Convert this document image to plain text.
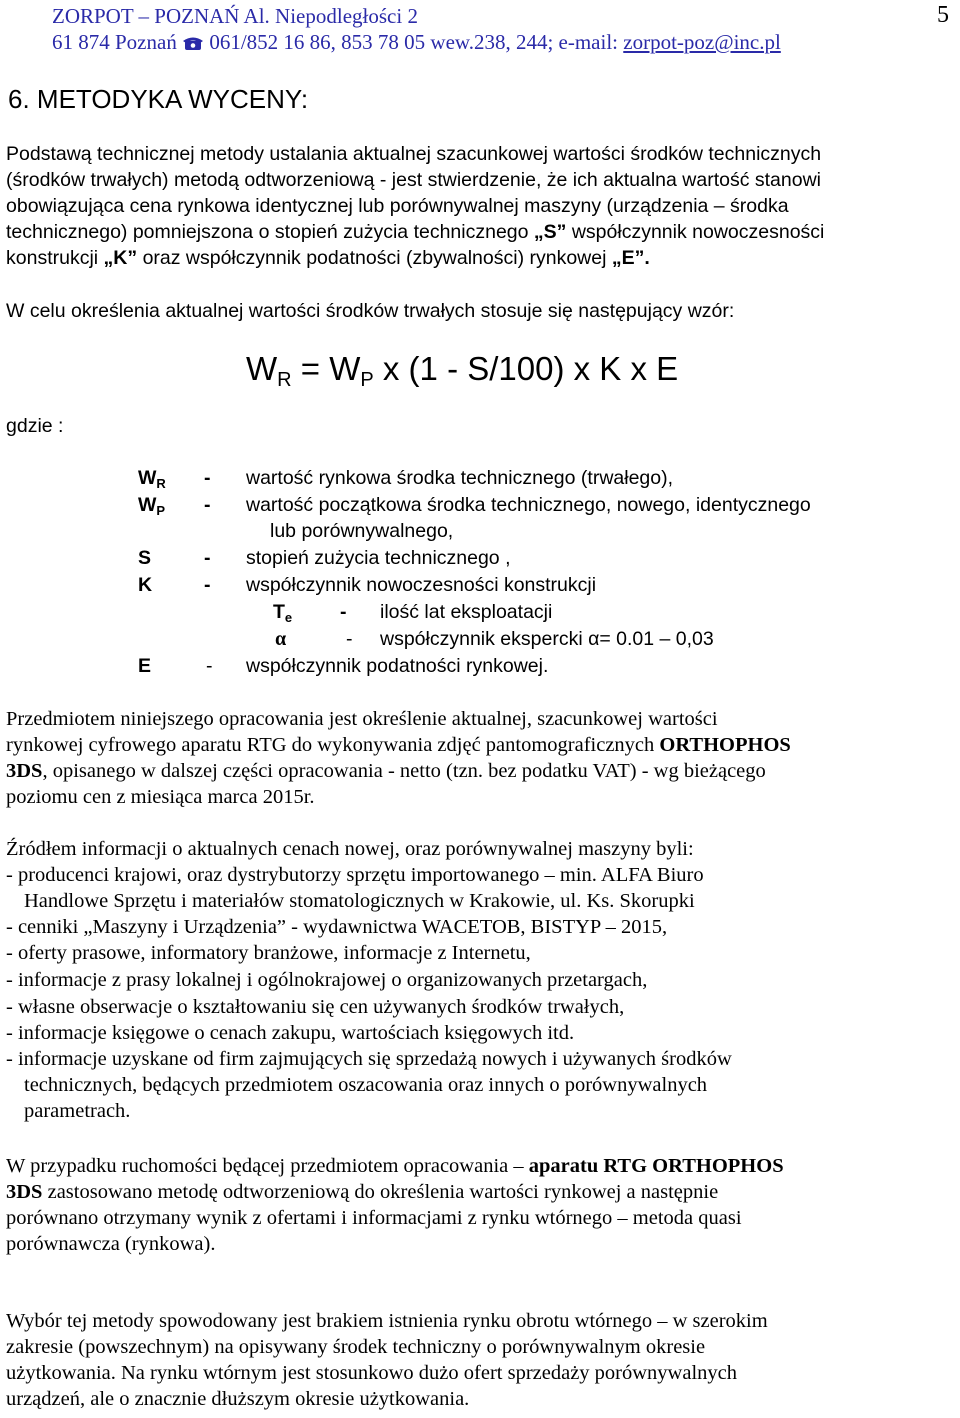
ZORPOT – POZNAŃ Al. Niepodległości 2	5
61 874 Poznań 061/852 16 86, 853 78 05 wew.238, 244; e-mail: zorpot-poz@inc.pl
6. METODYKA WYCENY:
Podstawą technicznej metody ustalania aktualnej szacunkowej wartości środków technicznych
(środków trwałych) metodą odtworzeniową - jest stwierdzenie, że ich aktualna wartość stanowi
obowiązująca cena rynkowa identycznej lub porównywalnej maszyny (urządzenia – środka
technicznego) pomniejszona o stopień zużycia technicznego „S” współczynnik nowoczesności
konstrukcji „K” oraz współczynnik podatności (zbywalności) rynkowej „E”.
W celu określenia aktualnej wartości środków trwałych stosuje się następujący wzór:
$W_R = W_P$ x (1 - S/100) x K x E
gdzie :
$W_R$ - wartość rynkowa środka technicznego (trwałego),
$W_P$ - wartość początkowa środka technicznego, nowego, identycznego
lub porównywalnego,
S	- stopień zużycia technicznego ,
K	- współczynnik nowoczesności konstrukcji
$T_e$ - ilość lat eksploatacji
α	- współczynnik ekspercki α= 0.01 – 0,03
E	- współczynnik podatności rynkowej.
Przedmiotem niniejszego opracowania jest określenie aktualnej, szacunkowej wartości
rynkowej cyfrowego aparatu RTG do wykonywania zdjęć pantomograficznych ORTHOPHOS
3DS, opisanego w dalszej części opracowania - netto (tzn. bez podatku VAT) - wg bieżącego
poziomu cen z miesiąca marca 2015r.
Źródłem informacji o aktualnych cenach nowej, oraz porównywalnej maszyny byli:
- producenci krajowi, oraz dystrybutorzy sprzętu importowanego – min. ALFA Biuro
Handlowe Sprzętu i materiałów stomatologicznych w Krakowie, ul. Ks. Skorupki
- cenniki „Maszyny i Urządzenia” - wydawnictwa WACETOB, BISTYP – 2015,
- oferty prasowe, informatory branżowe, informacje z Internetu,
- informacje z prasy lokalnej i ogólnokrajowej o organizowanych przetargach,
- własne obserwacje o kształtowaniu się cen używanych środków trwałych,
- informacje księgowe o cenach zakupu, wartościach księgowych itd.
- informacje uzyskane od firm zajmujących się sprzedażą nowych i używanych środków
technicznych, będących przedmiotem oszacowania oraz innych o porównywalnych
parametrach.
W przypadku ruchomości będącej przedmiotem opracowania – aparatu RTG ORTHOPHOS
3DS zastosowano metodę odtworzeniową do określenia wartości rynkowej a następnie
porównano otrzymany wynik z ofertami i informacjami z rynku wtórnego – metoda quasi
porównawcza (rynkowa).
Wybór tej metody spowodowany jest brakiem istnienia rynku obrotu wtórnego – w szerokim
zakresie (powszechnym) na opisywany środek techniczny o porównywalnym okresie
użytkowania. Na rynku wtórnym jest stosunkowo dużo ofert sprzedaży porównywalnych
urządzeń, ale o znacznie dłuższym okresie użytkowania.
